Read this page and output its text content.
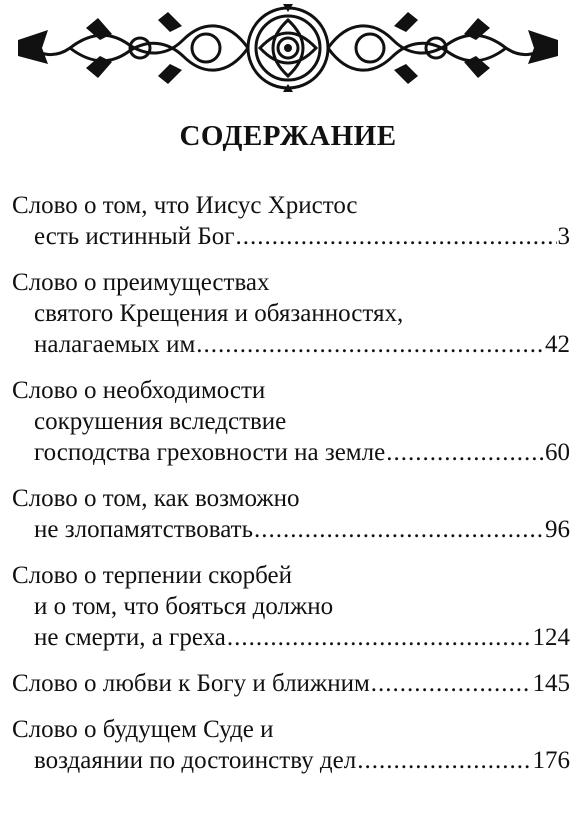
СОДЕРЖАНИЕ
Слово о том, что Иисус Христос
есть истинный Бог .....	3
Слово о преимуществах
святого Крещения и обязанностях,
налагаемых им .....	42
Слово о необходимости
сокрушения вследствие
господства греховности на земле .....	60
Слово о том, как возможно
не злопамятствовать .....	96
Слово о терпении скорбей
и о том, что бояться должно
не смерти, а греха .....	124
Слово о любви к Богу и ближним .....	145
Слово о будущем Суде и
воздаянии по достоинству дел .....	176
